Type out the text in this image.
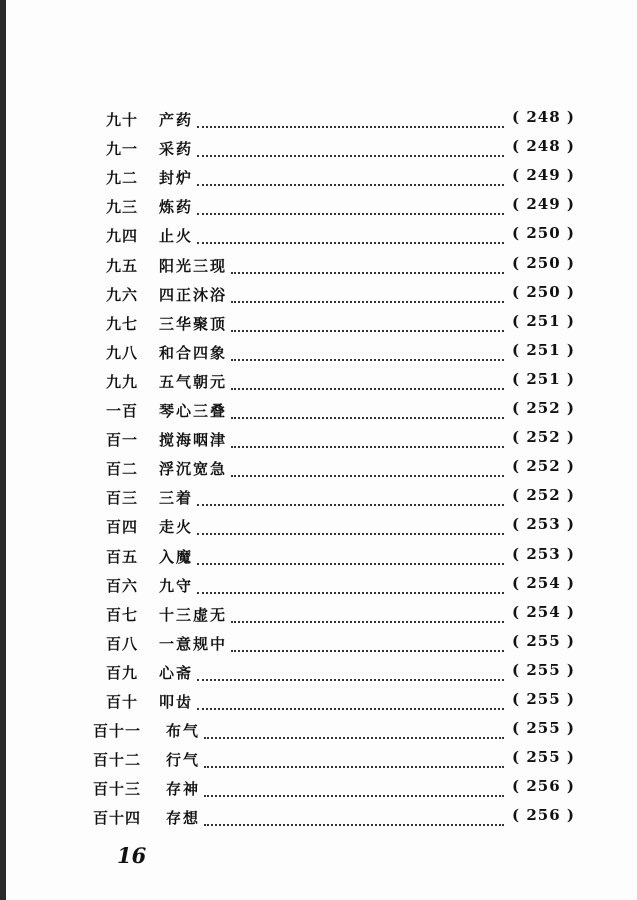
九十 产药	( 248 )
九一 采药	( 248 )
九二 封炉	( 249 )
九三 炼药	( 249 )
九四 止火	( 250 )
九五 阳光三现	( 250 )
九六 四正沐浴	( 250 )
九七 三华聚顶	( 251 )
九八 和合四象	( 251 )
九九 五气朝元	( 251 )
一百 琴心三叠	( 252 )
百一 搅海咽津	( 252 )
百二 浮沉宽急	( 252 )
百三 三着	( 252 )
百四 走火	( 253 )
百五 入魔	( 253 )
百六 九守	( 254 )
百七 十三虚无	( 254 )
百八 一意规中	( 255 )
百九 心斋	( 255 )
百十 叩齿	( 255 )
百十一 布气	( 255 )
百十二 行气	( 255 )
百十三 存神	( 256 )
百十四 存想	( 256 )
16
